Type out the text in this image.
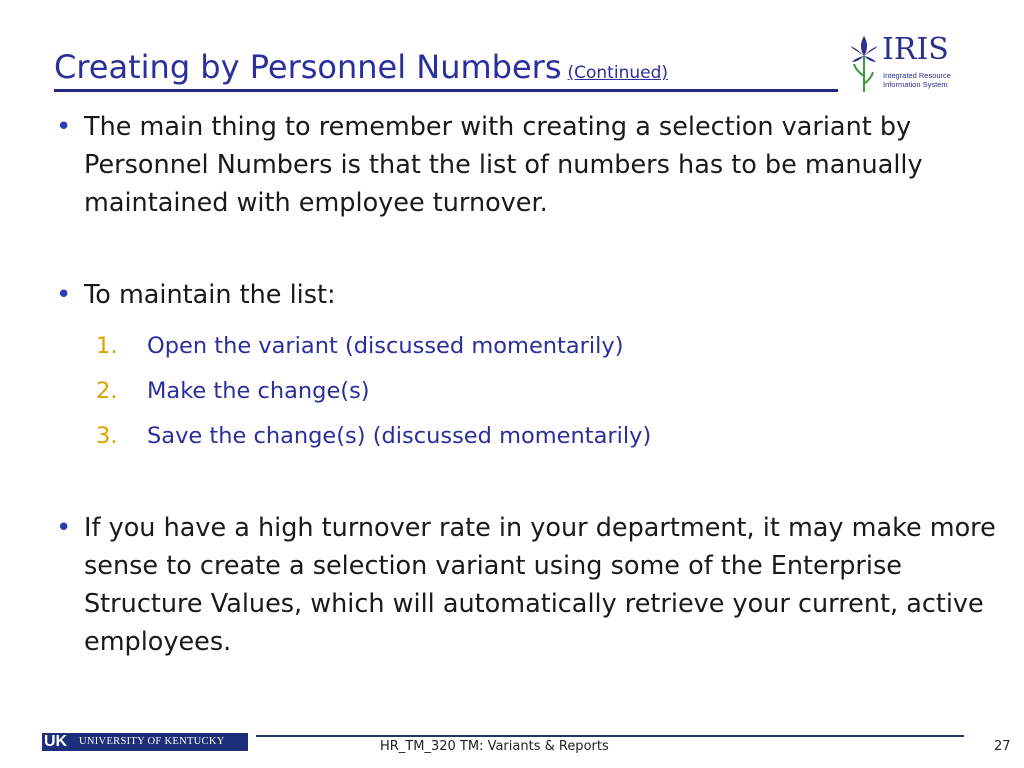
Creating by Personnel Numbers (Continued)
IRIS
Integrated Resource
Information System
• The main thing to remember with creating a selection variant by Personnel Numbers is that the list of numbers has to be manually maintained with employee turnover.
• To maintain the list:
1. Open the variant (discussed momentarily)
2. Make the change(s)
3. Save the change(s) (discussed momentarily)
• If you have a high turnover rate in your department, it may make more sense to create a selection variant using some of the Enterprise Structure Values, which will automatically retrieve your current, active employees.
UK UNIVERSITY OF KENTUCKY	HR_TM_320 TM: Variants & Reports	27
